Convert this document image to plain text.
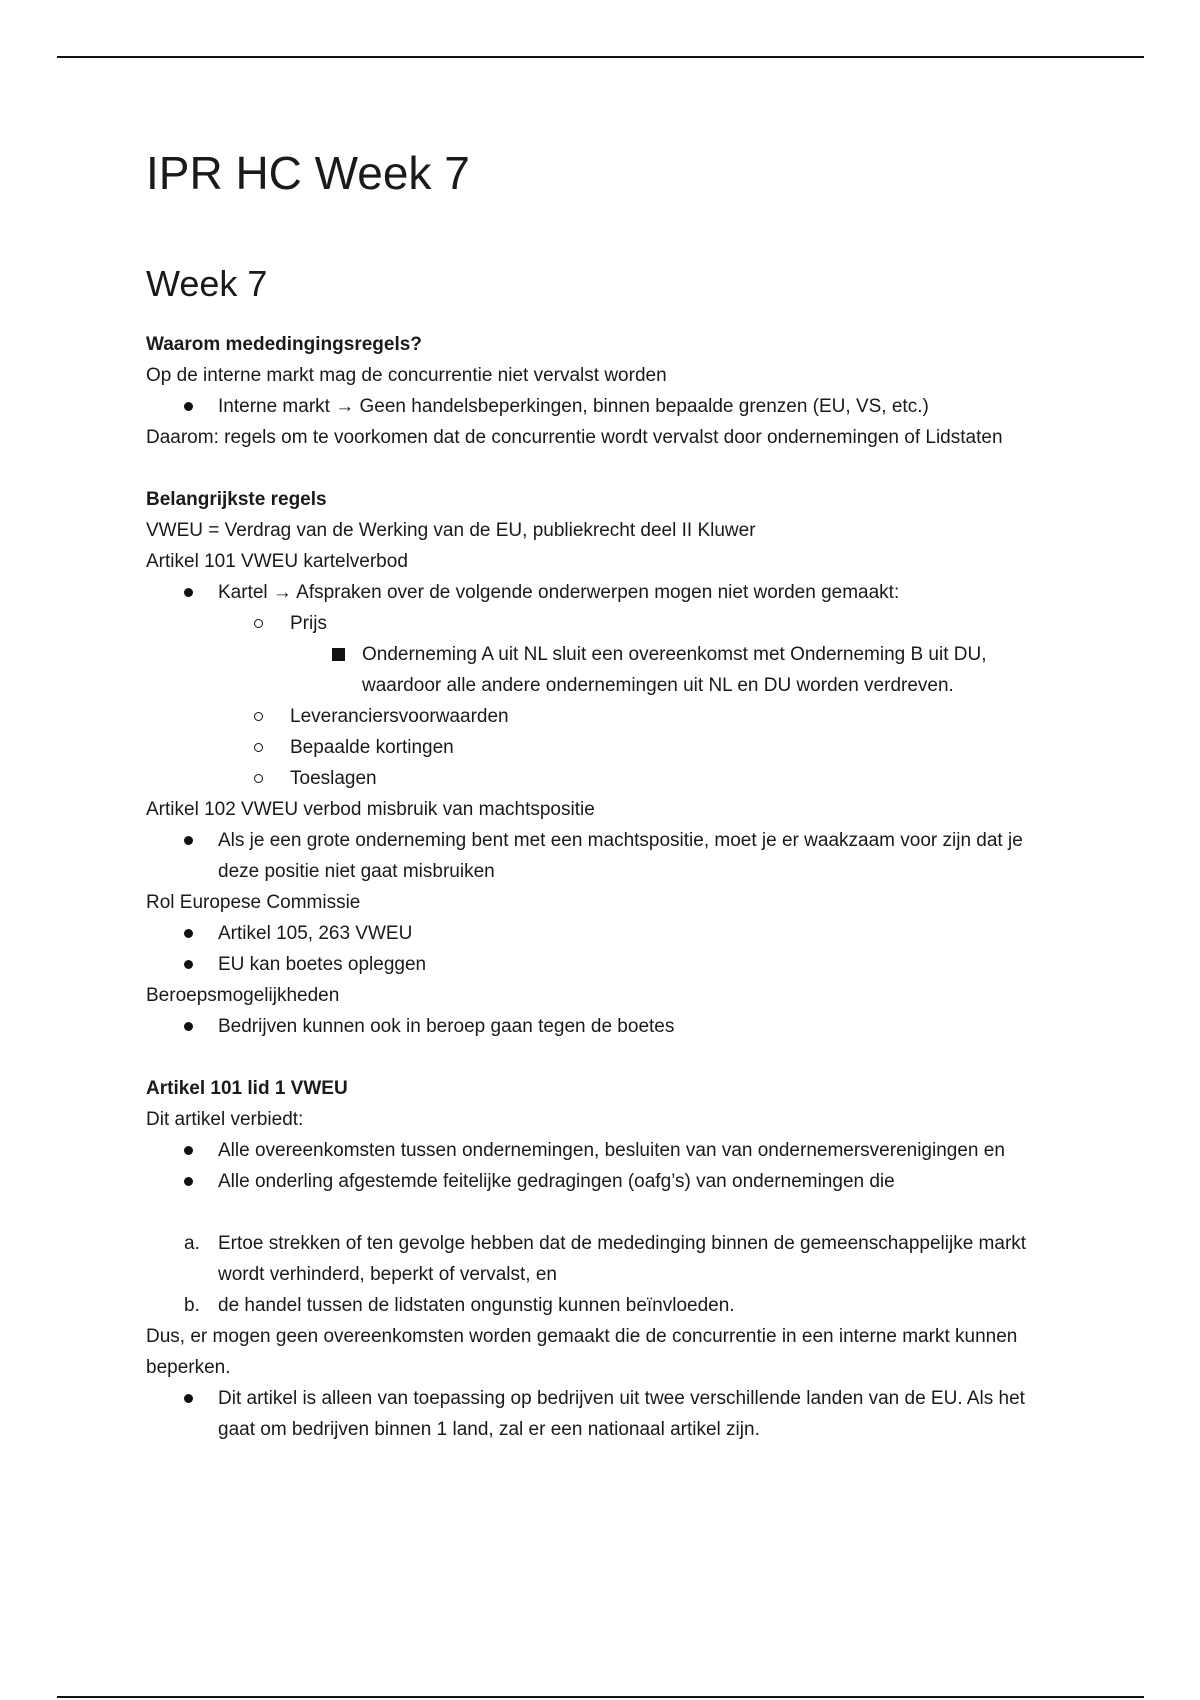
IPR HC Week 7
Week 7
Waarom mededingingsregels?
Op de interne markt mag de concurrentie niet vervalst worden
Interne markt → Geen handelsbeperkingen, binnen bepaalde grenzen (EU, VS, etc.)
Daarom: regels om te voorkomen dat de concurrentie wordt vervalst door ondernemingen of Lidstaten
Belangrijkste regels
VWEU = Verdrag van de Werking van de EU, publiekrecht deel II Kluwer
Artikel 101 VWEU kartelverbod
Kartel → Afspraken over de volgende onderwerpen mogen niet worden gemaakt:
Prijs
Onderneming A uit NL sluit een overeenkomst met Onderneming B uit DU,
waardoor alle andere ondernemingen uit NL en DU worden verdreven.
Leveranciersvoorwaarden
Bepaalde kortingen
Toeslagen
Artikel 102 VWEU verbod misbruik van machtspositie
Als je een grote onderneming bent met een machtspositie, moet je er waakzaam voor zijn dat je
deze positie niet gaat misbruiken
Rol Europese Commissie
Artikel 105, 263 VWEU
EU kan boetes opleggen
Beroepsmogelijkheden
Bedrijven kunnen ook in beroep gaan tegen de boetes
Artikel 101 lid 1 VWEU
Dit artikel verbiedt:
Alle overeenkomsten tussen ondernemingen, besluiten van van ondernemersverenigingen en
Alle onderling afgestemde feitelijke gedragingen (oafg’s) van ondernemingen die
a. Ertoe strekken of ten gevolge hebben dat de mededinging binnen de gemeenschappelijke markt
wordt verhinderd, beperkt of vervalst, en
b. de handel tussen de lidstaten ongunstig kunnen beïnvloeden.
Dus, er mogen geen overeenkomsten worden gemaakt die de concurrentie in een interne markt kunnen
beperken.
Dit artikel is alleen van toepassing op bedrijven uit twee verschillende landen van de EU. Als het
gaat om bedrijven binnen 1 land, zal er een nationaal artikel zijn.
